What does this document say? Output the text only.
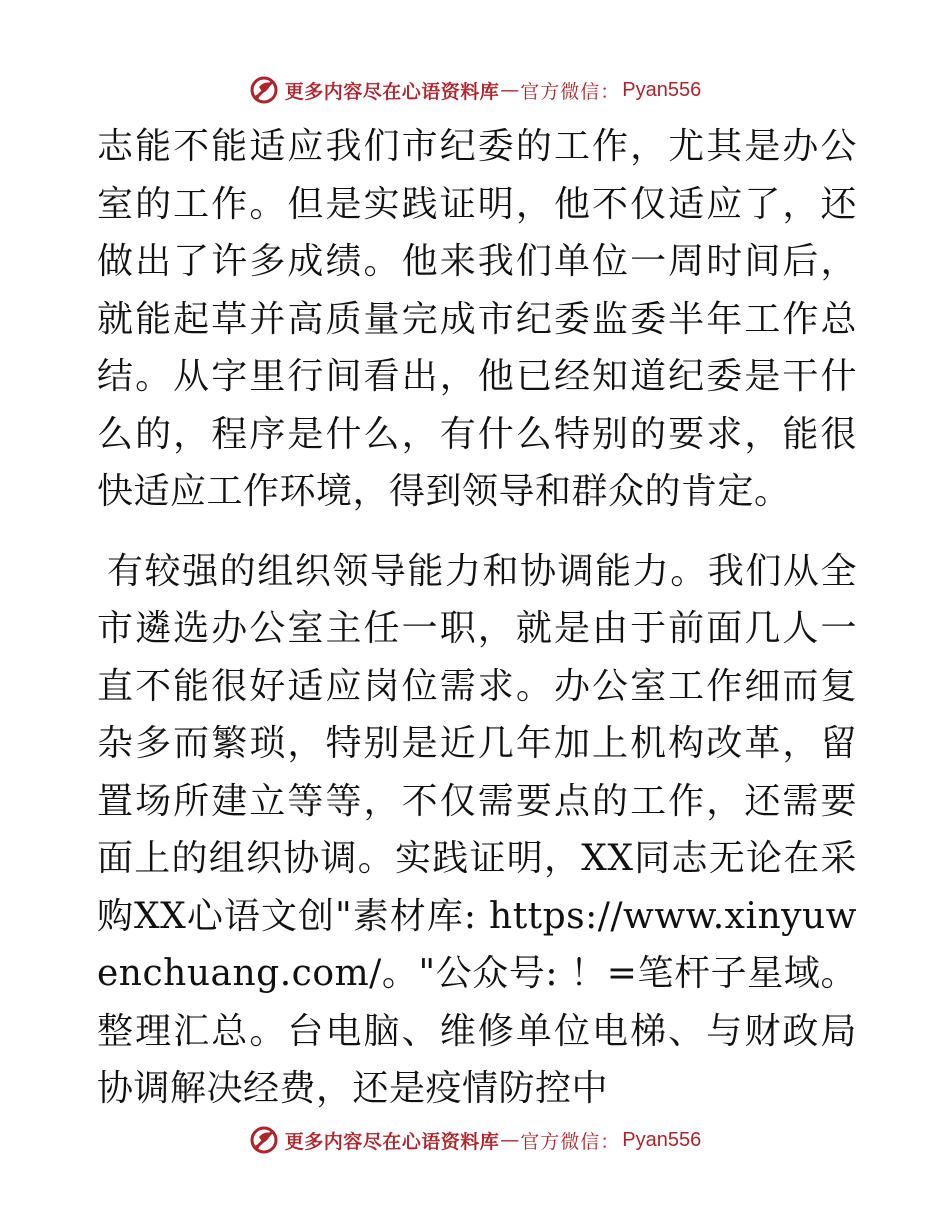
更多内容尽在心语资料库 — 官方微信： Pyan556

志能不能适应我们市纪委的工作，尤其是办公室的工作。但是实践证明，他不仅适应了，还做出了许多成绩。他来我们单位一周时间后，就能起草并高质量完成市纪委监委半年工作总结。从字里行间看出，他已经知道纪委是干什么的，程序是什么，有什么特别的要求，能很快适应工作环境，得到领导和群众的肯定。

有较强的组织领导能力和协调能力。我们从全市遴选办公室主任一职，就是由于前面几人一直不能很好适应岗位需求。办公室工作细而复杂多而繁琐，特别是近几年加上机构改革，留置场所建立等等，不仅需要点的工作，还需要面上的组织协调。实践证明，XX同志无论在采购XX心语文创"素材库: https://www.xinyuwenchuang.com/。"公众号: ！=笔杆子星域。整理汇总。台电脑、维修单位电梯、与财政局协调解决经费，还是疫情防控中

更多内容尽在心语资料库 — 官方微信： Pyan556
